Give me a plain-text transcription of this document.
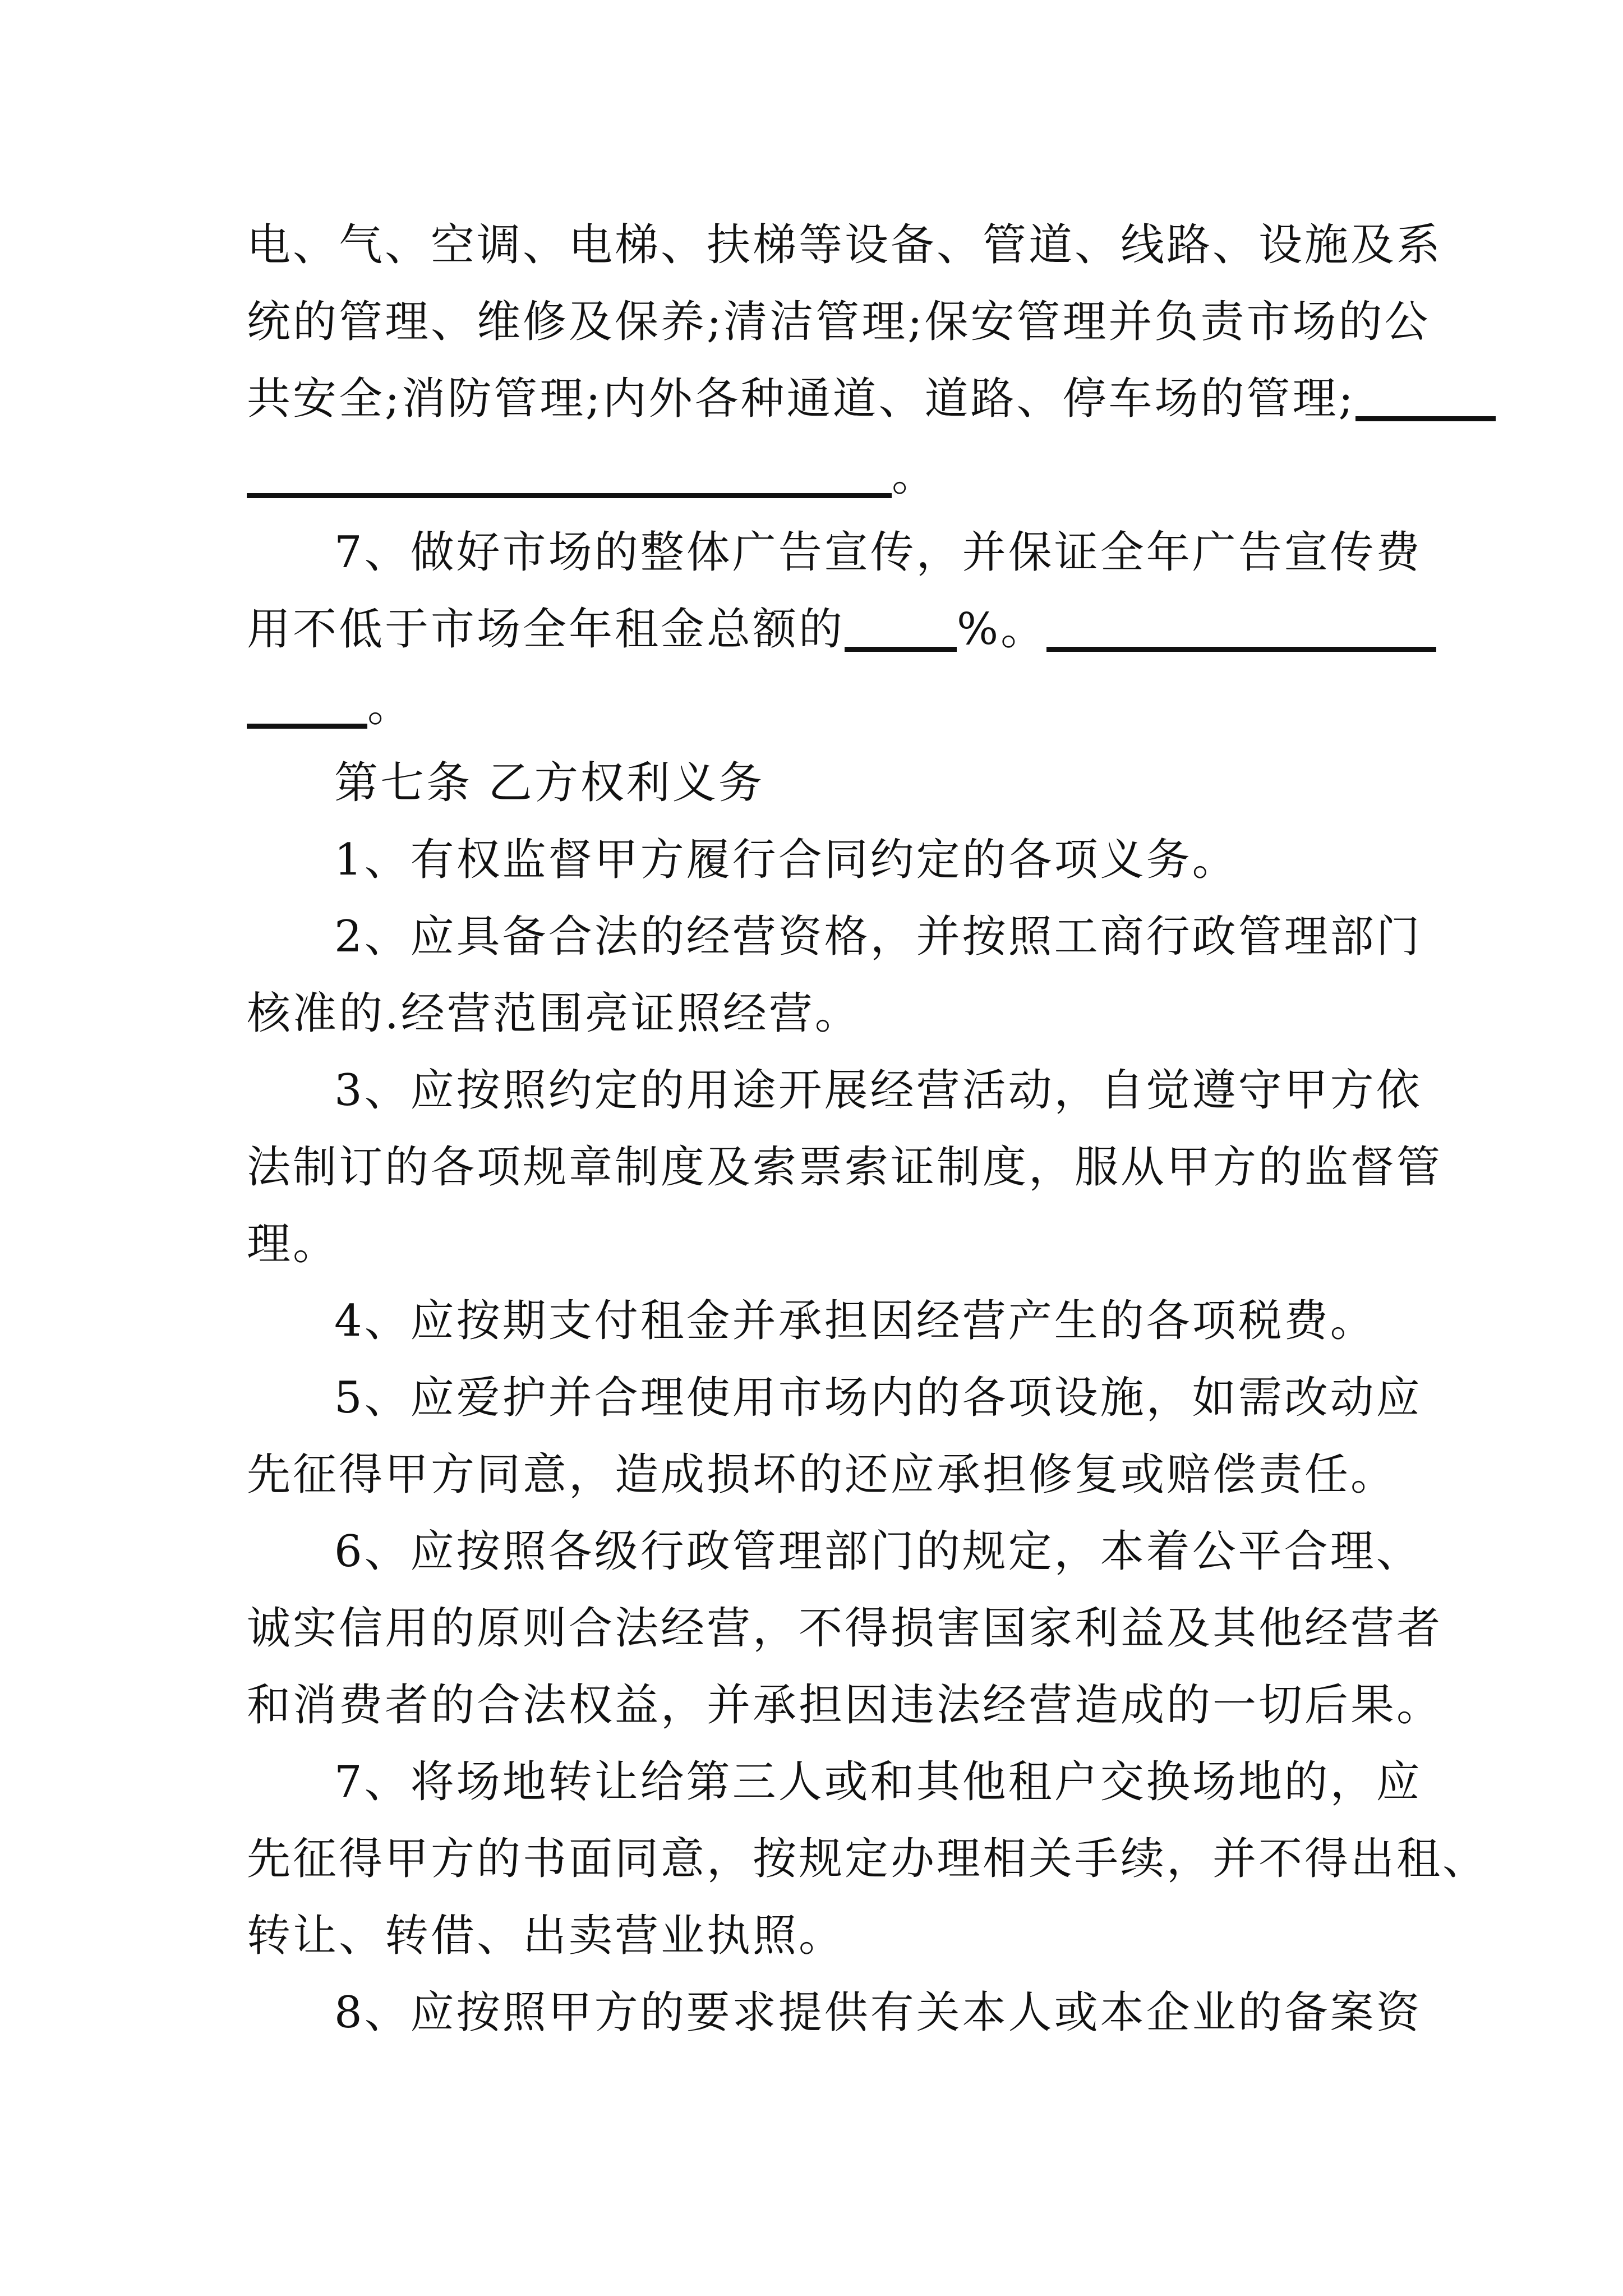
电、气、空调、电梯、扶梯等设备、管道、线路、设施及系
统的管理、维修及保养;清洁管理;保安管理并负责市场的公
共安全;消防管理;内外各种通道、道路、停车场的管理;
。
7、做好市场的整体广告宣传，并保证全年广告宣传费
用不低于市场全年租金总额的	%。
。
第七条 乙方权利义务
1、有权监督甲方履行合同约定的各项义务。
2、应具备合法的经营资格，并按照工商行政管理部门
核准的.经营范围亮证照经营。
3、应按照约定的用途开展经营活动，自觉遵守甲方依
法制订的各项规章制度及索票索证制度，服从甲方的监督管
理。
4、应按期支付租金并承担因经营产生的各项税费。
5、应爱护并合理使用市场内的各项设施，如需改动应
先征得甲方同意，造成损坏的还应承担修复或赔偿责任。
6、应按照各级行政管理部门的规定，本着公平合理、
诚实信用的原则合法经营，不得损害国家利益及其他经营者
和消费者的合法权益，并承担因违法经营造成的一切后果。
7、将场地转让给第三人或和其他租户交换场地的，应
先征得甲方的书面同意，按规定办理相关手续，并不得出租、
转让、转借、出卖营业执照。
8、应按照甲方的要求提供有关本人或本企业的备案资
